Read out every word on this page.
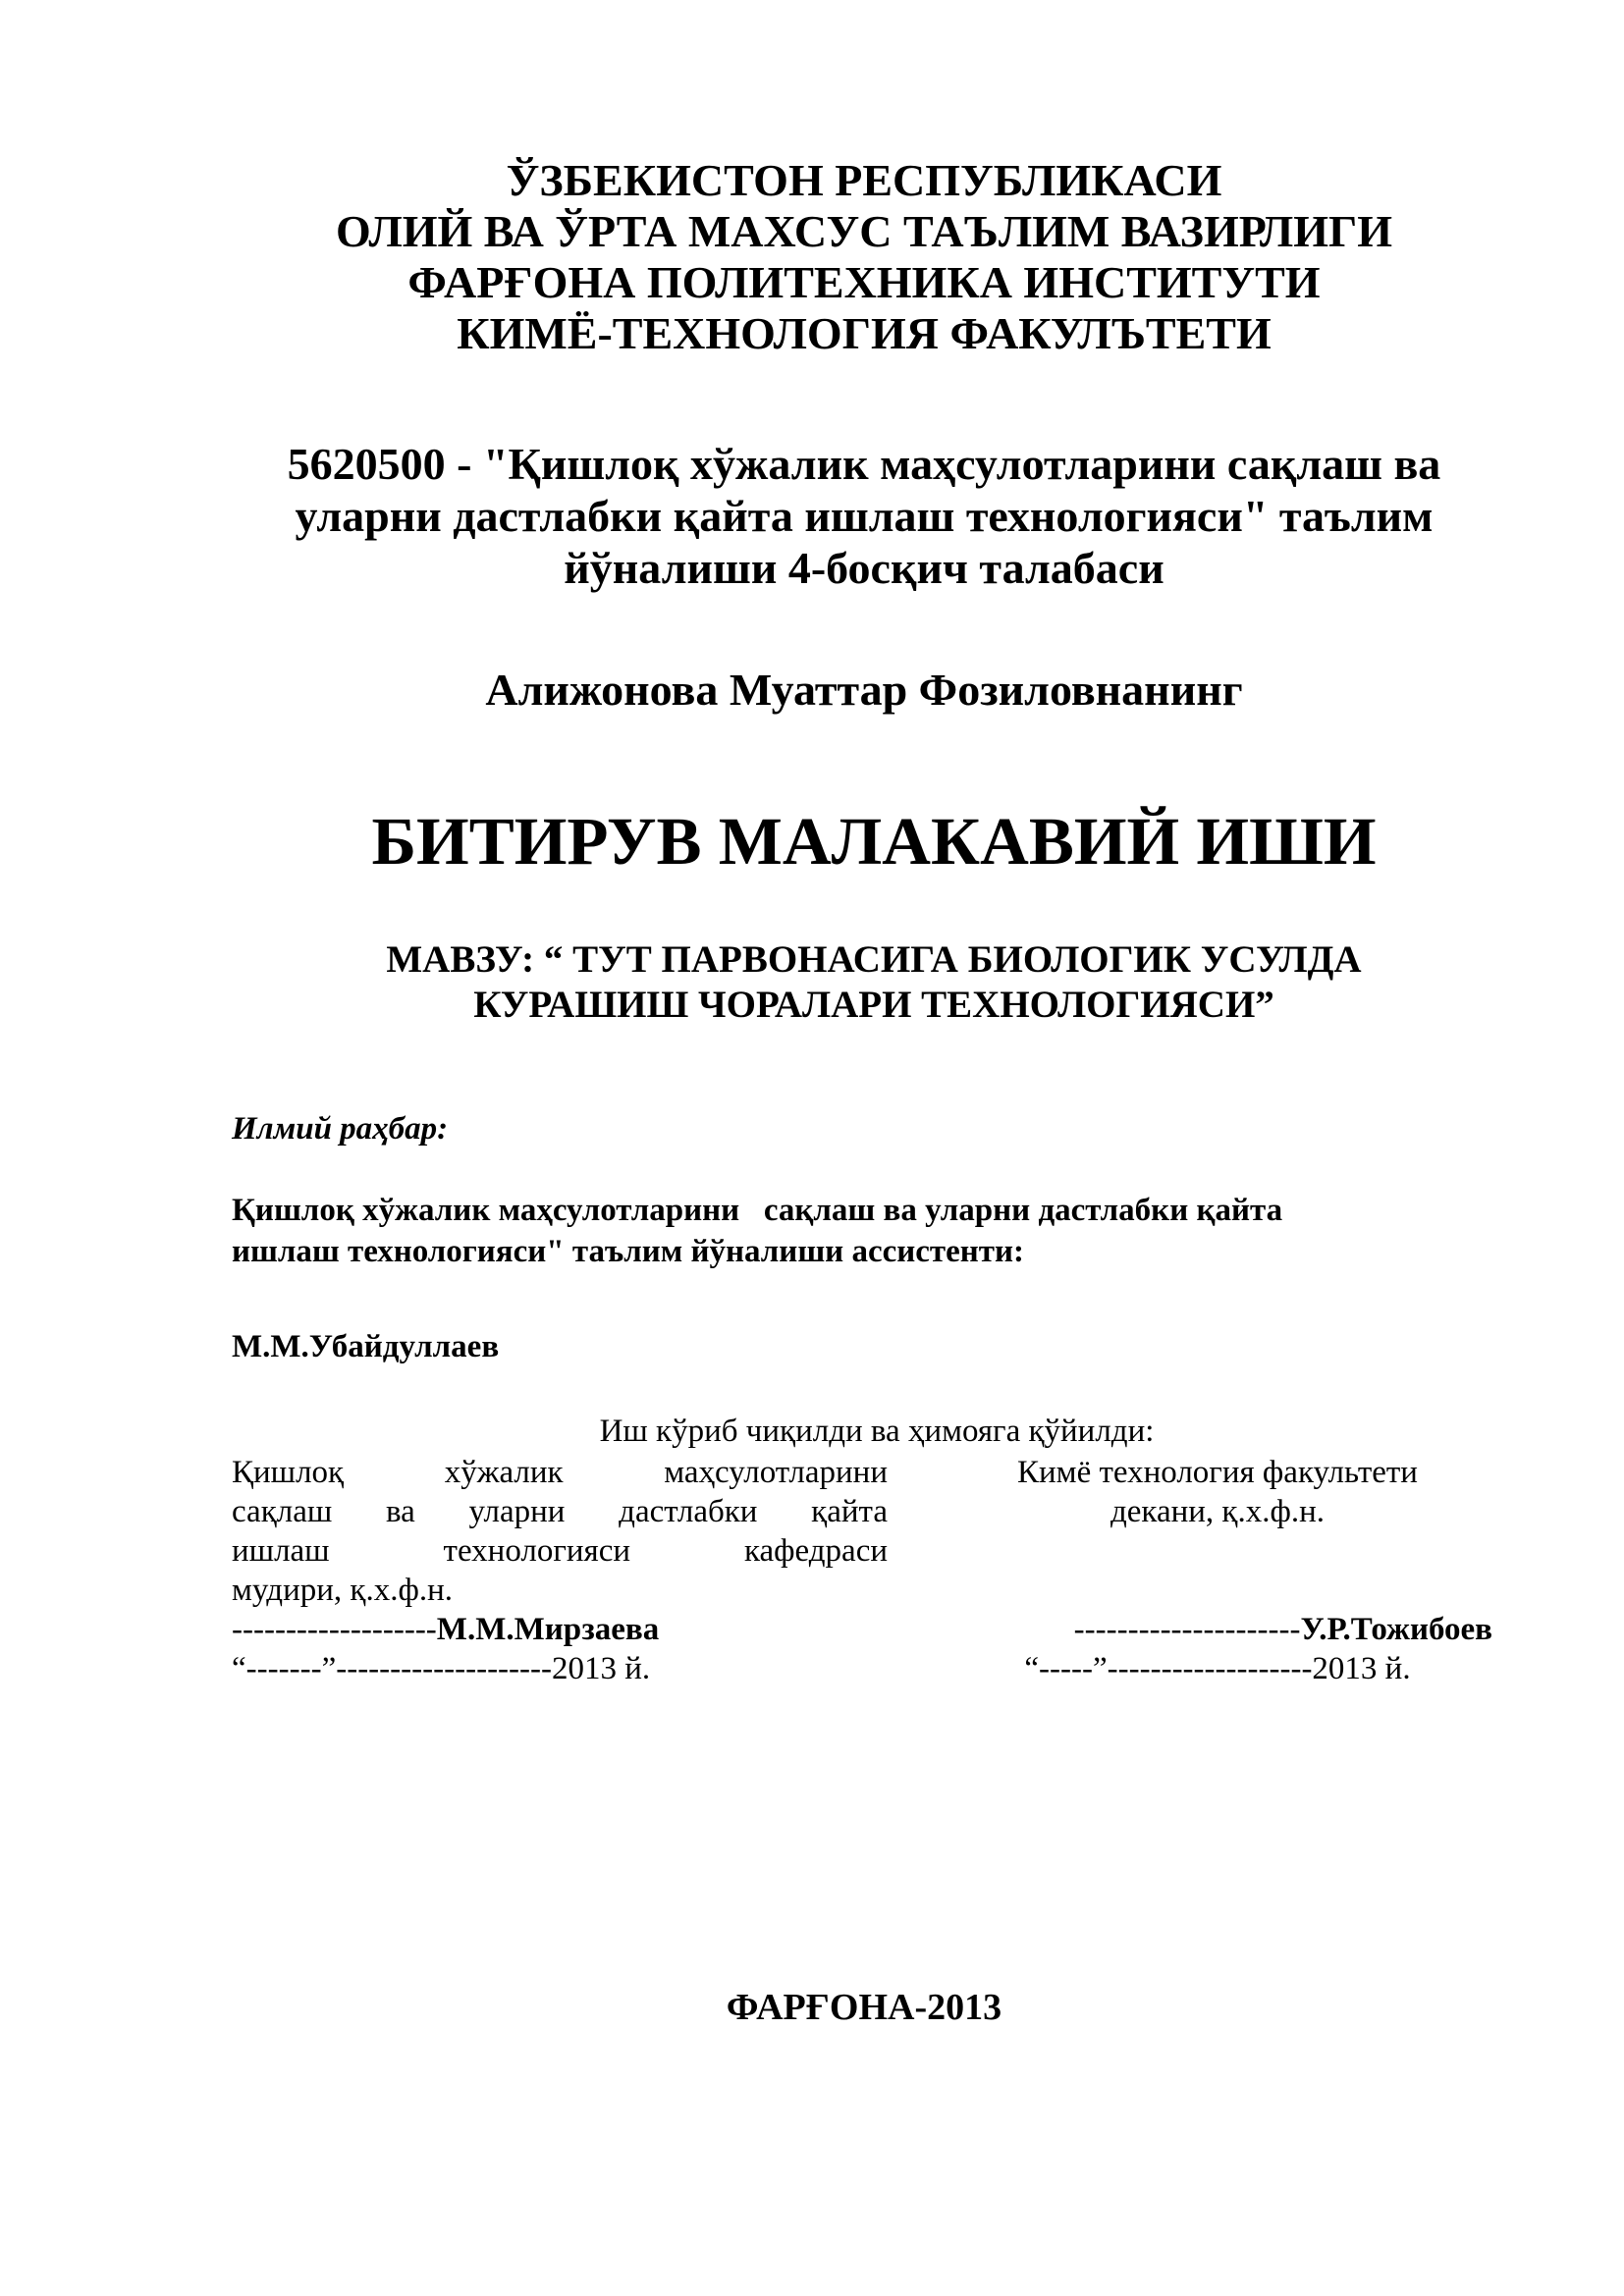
ЎЗБЕКИСТОН РЕСПУБЛИКАСИ
ОЛИЙ ВА ЎРТА МАХСУС ТАЪЛИМ ВАЗИРЛИГИ
ФАРҒОНА ПОЛИТЕХНИКА ИНСТИТУТИ
КИМЁ-ТЕХНОЛОГИЯ ФАКУЛЪТЕТИ
5620500 - "Қишлоқ хўжалик маҳсулотларини сақлаш ва
уларни дастлабки қайта ишлаш технологияси" таълим
йўналиши 4-босқич талабаси
Алижонова Муаттар Фозиловнанинг
БИТИРУВ МАЛАКАВИЙ ИШИ
МАВЗУ: “ ТУТ ПАРВОНАСИГА БИОЛОГИК УСУЛДА
КУРАШИШ ЧОРАЛАРИ ТЕХНОЛОГИЯСИ”
Илмий раҳбар:
Қишлоқ хўжалик маҳсулотларини   сақлаш ва уларни дастлабки қайта
ишлаш технологияси" таълим йўналиши ассистенти:
М.М.Убайдуллаев
Иш кўриб чиқилди ва ҳимояга қўйилди:
Қишлоқ хўжалик маҳсулотларини
сақлаш ва уларни дастлабки қайта
ишлаш технологияси кафедраси
мудири, қ.х.ф.н.
-------------------М.М.Мирзаева
“-------”--------------------2013 й.
Кимё технология факультети
декани, қ.х.ф.н.
---------------------У.Р.Тожибоев
“-----”-------------------2013 й.
ФАРҒОНА-2013
